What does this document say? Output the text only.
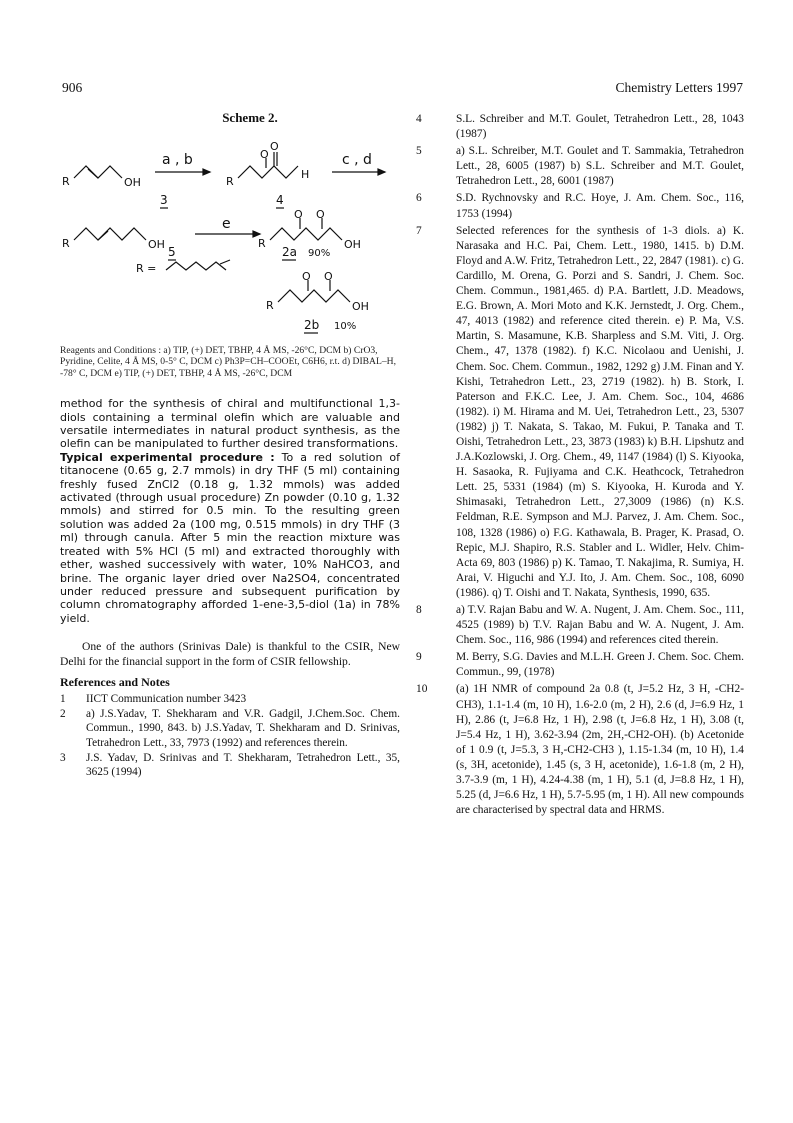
906	Chemistry Letters 1997
Scheme 2.
R	OH
3
a , b
R
O
O
H
4
c , d
R	OH
5
e
R
O O
OH
2a 90%
R =
R
O O
OH
2b 10%
Reagents and Conditions : a) TIP, (+) DET, TBHP, 4 Å MS, -26°C, DCM b) CrO3, Pyridine, Celite, 4 Å MS, 0-5° C, DCM c) Ph3P=CH–COOEt, C6H6, r.t. d) DIBAL–H, -78° C, DCM e) TIP, (+) DET, TBHP, 4 Å MS, -26°C, DCM
method for the synthesis of chiral and multifunctional 1,3-diols containing a terminal olefin which are valuable and versatile intermediates in natural product synthesis, as the olefin can be manipulated to further desired transformations.
Typical experimental procedure : To a red solution of titanocene (0.65 g, 2.7 mmols) in dry THF (5 ml) containing freshly fused ZnCl2 (0.18 g, 1.32 mmols) was added activated (through usual procedure) Zn powder (0.10 g, 1.32 mmols) and stirred for 0.5 min. To the resulting green solution was added 2a (100 mg, 0.515 mmols) in dry THF (3 ml) through canula. After 5 min the reaction mixture was treated with 5% HCl (5 ml) and extracted thoroughly with ether, washed successively with water, 10% NaHCO3, and brine. The organic layer dried over Na2SO4, concentrated under reduced pressure and subsequent purification by column chromatography afforded 1-ene-3,5-diol (1a) in 78% yield.
One of the authors (Srinivas Dale) is thankful to the CSIR, New Delhi for the financial support in the form of CSIR fellowship.
References and Notes
1 IICT Communication number 3423
2 a) J.S.Yadav, T. Shekharam and V.R. Gadgil, J.Chem.Soc. Chem. Commun., 1990, 843. b) J.S.Yadav, T. Shekharam and D. Srinivas, Tetrahedron Lett., 33, 7973 (1992) and references therein.
3 J.S. Yadav, D. Srinivas and T. Shekharam, Tetrahedron Lett., 35, 3625 (1994)
4	S.L. Schreiber and M.T. Goulet, Tetrahedron Lett., 28, 1043 (1987)
5	a) S.L. Schreiber, M.T. Goulet and T. Sammakia, Tetrahedron Lett., 28, 6005 (1987) b) S.L. Schreiber and M.T. Goulet, Tetrahedron Lett., 28, 6001 (1987)
6	S.D. Rychnovsky and R.C. Hoye, J. Am. Chem. Soc., 116, 1753 (1994)
7	Selected references for the synthesis of 1-3 diols. a) K. Narasaka and H.C. Pai, Chem. Lett., 1980, 1415. b) D.M. Floyd and A.W. Fritz, Tetrahedron Lett., 22, 2847 (1981). c) G. Cardillo, M. Orena, G. Porzi and S. Sandri, J. Chem. Soc. Chem. Commun., 1981,465. d) P.A. Bartlett, J.D. Meadows, E.G. Brown, A. Mori Moto and K.K. Jernstedt, J. Org. Chem., 47, 4013 (1982) and reference cited therein. e) P. Ma, V.S. Martin, S. Masamune, K.B. Sharpless and S.M. Viti, J. Org. Chem., 47, 1378 (1982). f) K.C. Nicolaou and Uenishi, J. Chem. Soc. Chem. Commun., 1982, 1292 g) J.M. Finan and Y. Kishi, Tetrahedron Lett., 23, 2719 (1982). h) B. Stork, I. Paterson and F.K.C. Lee, J. Am. Chem. Soc., 104, 4686 (1982). i) M. Hirama and M. Uei, Tetrahedron Lett., 23, 5307 (1982) j) T. Nakata, S. Takao, M. Fukui, P. Tanaka and T. Oishi, Tetrahedron Lett., 23, 3873 (1983) k) B.H. Lipshutz and J.A.Kozlowski, J. Org. Chem., 49, 1147 (1984) (l) S. Kiyooka, H. Sasaoka, R. Fujiyama and C.K. Heathcock, Tetrahedron Lett. 25, 5331 (1984) (m) S. Kiyooka, H. Kuroda and Y. Shimasaki, Tetrahedron Lett., 27,3009 (1986) (n) K.S. Feldman, R.E. Sympson and M.J. Parvez, J. Am. Chem. Soc., 108, 1328 (1986) o) F.G. Kathawala, B. Prager, K. Prasad, O. Repic, M.J. Shapiro, R.S. Stabler and L. Widler, Helv. Chim-Acta 69, 803 (1986) p) K. Tamao, T. Nakajima, R. Sumiya, H. Arai, V. Higuchi and Y.J. Ito, J. Am. Chem. Soc., 108, 6090 (1986). q) T. Oishi and T. Nakata, Synthesis, 1990, 635.
8	a) T.V. Rajan Babu and W. A. Nugent, J. Am. Chem. Soc., 111, 4525 (1989) b) T.V. Rajan Babu and W. A. Nugent, J. Am. Chem. Soc., 116, 986 (1994) and references cited therein.
9	M. Berry, S.G. Davies and M.L.H. Green J. Chem. Soc. Chem. Commun., 99, (1978)
10	(a) 1H NMR of compound 2a 0.8 (t, J=5.2 Hz, 3 H, -CH2-CH3), 1.1-1.4 (m, 10 H), 1.6-2.0 (m, 2 H), 2.6 (d, J=6.9 Hz, 1 H), 2.86 (t, J=6.8 Hz, 1 H), 2.98 (t, J=6.8 Hz, 1 H), 3.08 (t, J=5.4 Hz, 1 H), 3.62-3.94 (2m, 2H,-CH2-OH). (b) Acetonide of 1 0.9 (t, J=5.3, 3 H,-CH2-CH3 ), 1.15-1.34 (m, 10 H), 1.4 (s, 3H, acetonide), 1.45 (s, 3 H, acetonide), 1.6-1.8 (m, 2 H), 3.7-3.9 (m, 1 H), 4.24-4.38 (m, 1 H), 5.1 (d, J=8.8 Hz, 1 H), 5.25 (d, J=6.6 Hz, 1 H), 5.7-5.95 (m, 1 H). All new compounds are characterised by spectral data and HRMS.
